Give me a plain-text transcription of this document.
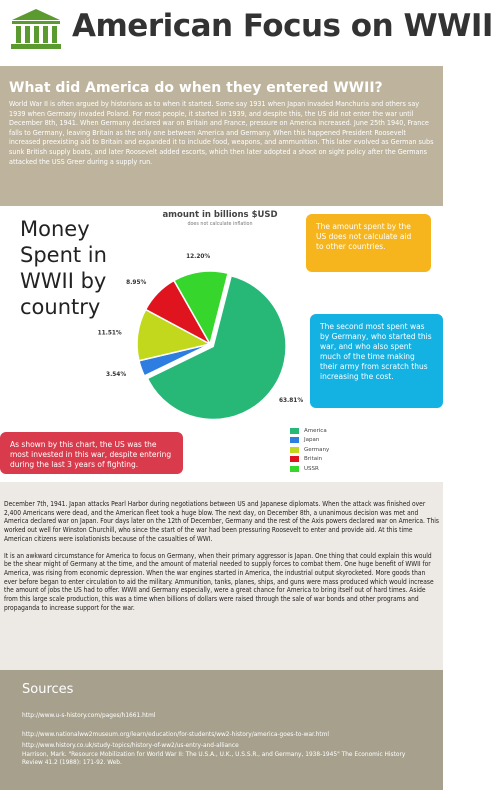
American Focus on WWII
What did America do when they entered WWII?
World War II is often argued by historians as to when it started. Some say 1931 when Japan invaded Manchuria and others say 1939 when Germany invaded Poland. For most people, it started in 1939, and despite this, the US did not enter the war until December 8th, 1941. When Germany declared war on Britain and France, pressure on America increased. June 25th 1940, France falls to Germany, leaving Britain as the only one between America and Germany. When this happened President Roosevelt increased preexisting aid to Britain and expanded it to include food, weapons, and ammunition. This later evolved as German subs sunk British supply boats, and later Roosevelt added escorts, which then later adopted a shoot on sight policy after the Germans attacked the USS Greer during a supply run.
63.81%
3.54%
11.51%
8.95%
12.20%
Money Spent in WWII by country
amount in billions $USD
does not calculate inflation	The amount spent by the US does not calculate aid to other countries.
The second most spent was by Germany, who started this war, and who also spent much of the time making their army from scratch thus increasing the cost.
As shown by this chart, the US was the most invested in this war, despite entering during the last 3 years of fighting.
America
Japan
Germany
Britain
USSR

December 7th, 1941. Japan attacks Pearl Harbor during negotiations between US and Japanese diplomats. When the attack was finished over 2,400 Americans were dead, and the American fleet took a huge blow. The next day, on December 8th, a unanimous decision was met and America declared war on Japan. Four days later on the 12th of December, Germany and the rest of the Axis powers declared war on America. This worked out well for Winston Churchill, who since the start of the war had been pressuring Roosevelt to enter and provide aid. At this time American citizens were isolationists because of the casualties of WWI.

It is an awkward circumstance for America to focus on Germany, when their primary aggressor is Japan. One thing that could explain this would be the shear might of Germany at the time, and the amount of material needed to supply forces to combat them. One huge benefit of WWII for America, was rising from economic depression. When the war engines started in America, the industrial output skyrocketed. More goods than ever before began to enter circulation to aid the military. Ammunition, tanks, planes, ships, and guns were mass produced which would increase the amount of jobs the US had to offer. WWII and Germany especially, were a great chance for America to bring itself out of hard times. Aside from this large scale production, this was a time when billions of dollars were raised through the sale of war bonds and other programs and propaganda to increase support for the war.

Sources
http://www.u-s-history.com/pages/h1661.html
http://www.nationalww2museum.org/learn/education/for-students/ww2-history/america-goes-to-war.html
http://www.history.co.uk/study-topics/history-of-ww2/us-entry-and-alliance
Harrison, Mark. "Resource Mobilization for World War II: The U.S.A., U.K., U.S.S.R., and Germany, 1938-1945" The Economic History Review 41.2 (1988): 171-92. Web.
